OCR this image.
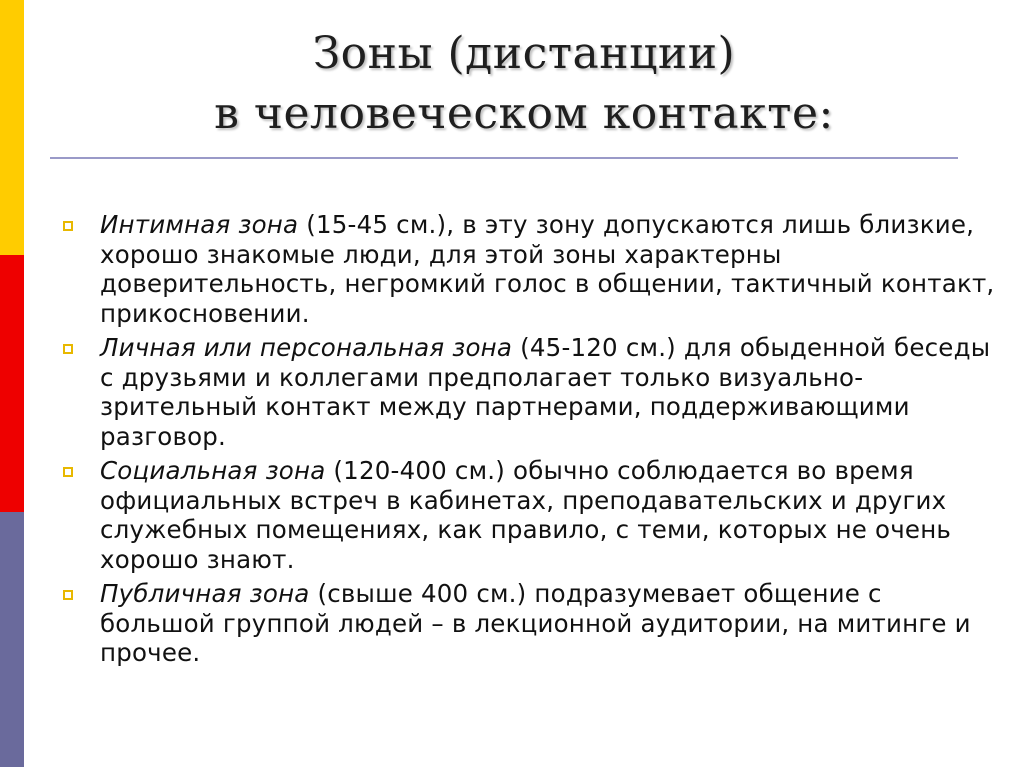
Зоны (дистанции)
в человеческом контакте:
Интимная зона (15-45 см.), в эту зону допускаются лишь близкие, хорошо знакомые люди, для этой зоны характерны доверительность, негромкий голос в общении, тактичный контакт, прикосновении.
Личная или персональная зона (45-120 см.) для обыденной беседы с друзьями и коллегами предполагает только визуально-зрительный контакт между партнерами, поддерживающими разговор.
Социальная зона (120-400 см.) обычно соблюдается во время официальных встреч в кабинетах, преподавательских и других служебных помещениях, как правило, с теми, которых не очень хорошо знают.
Публичная зона (свыше 400 см.) подразумевает общение с большой группой людей – в лекционной аудитории, на митинге и прочее.
